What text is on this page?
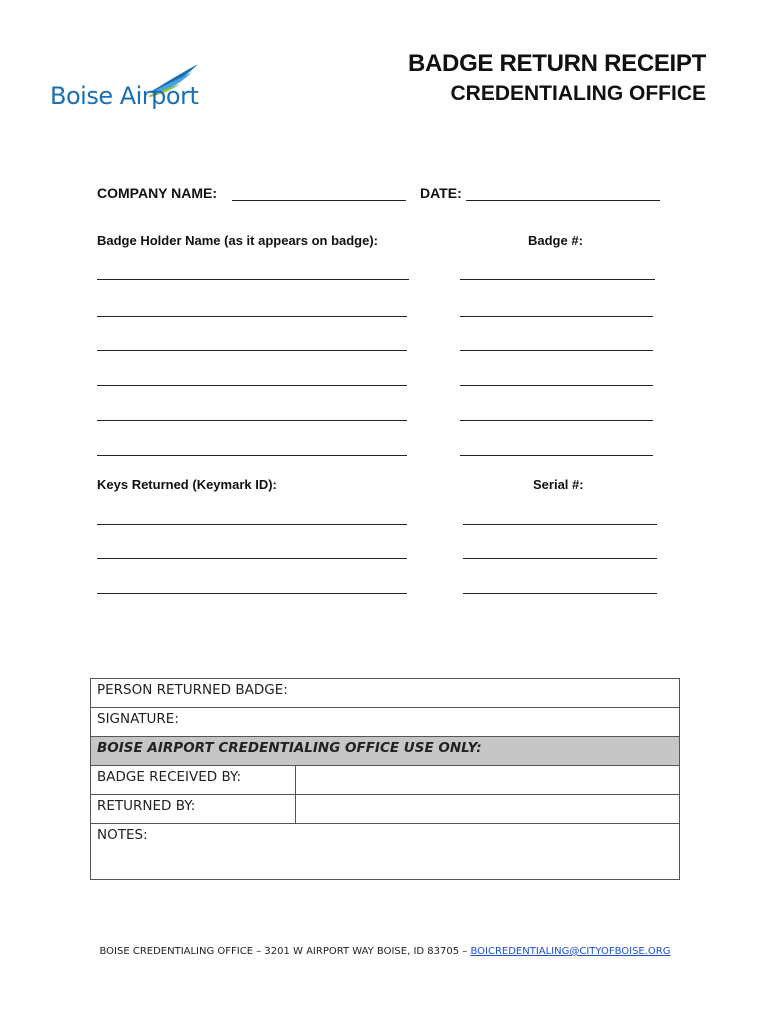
Boise Airport
BADGE RETURN RECEIPT
CREDENTIALING OFFICE
COMPANY NAME:	DATE:
Badge Holder Name (as it appears on badge):	Badge #:
Keys Returned (Keymark ID):	Serial #:
PERSON RETURNED BADGE:	
SIGNATURE:	
BOISE AIRPORT CREDENTIALING OFFICE USE ONLY:	
BADGE RECEIVED BY:	
RETURNED BY:	
NOTES:	
BOISE CREDENTIALING OFFICE – 3201 W AIRPORT WAY BOISE, ID 83705 – BOICREDENTIALING@CITYOFBOISE.ORG
